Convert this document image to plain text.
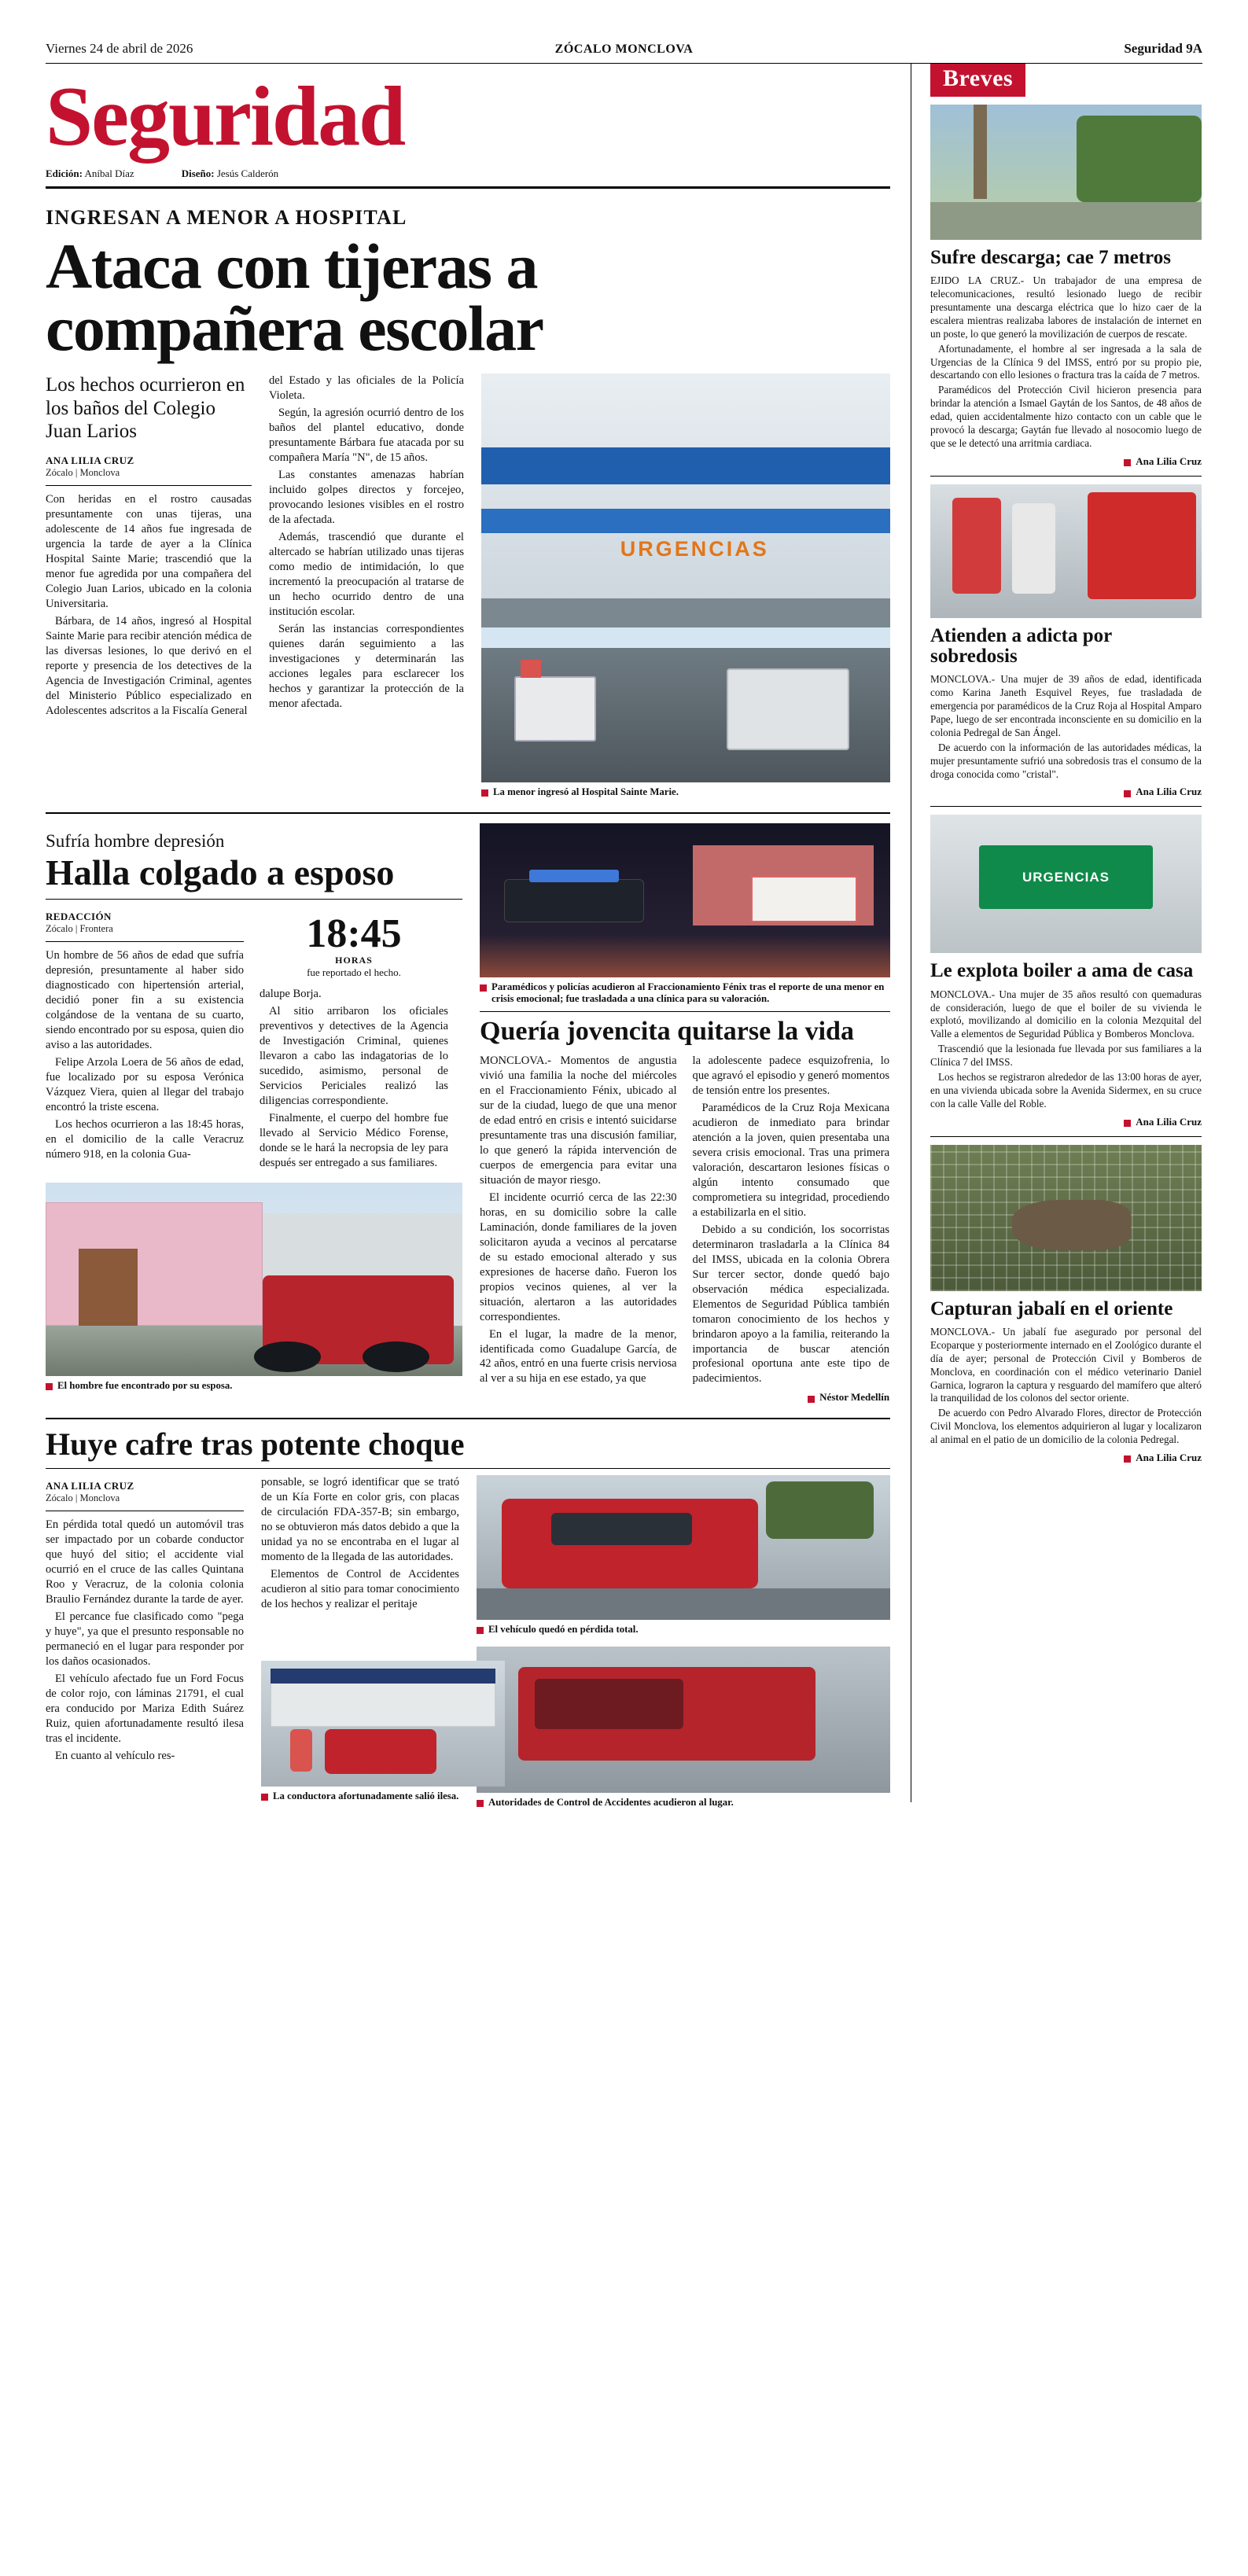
Viernes 24 de abril de 2026	ZÓCALO MONCLOVA	Seguridad 9A
Seguridad
Edición: Aníbal Díaz	Diseño: Jesús Calderón
INGRESAN A MENOR A HOSPITAL
Ataca con tijeras a
compañera escolar
Los hechos ocurrieron en los baños del Colegio Juan Larios
ANA LILIA CRUZ
Zócalo | Monclova

Con heridas en el rostro causadas presuntamente con unas tijeras, una adolescente de 14 años fue ingresada de urgencia la tarde de ayer a la Clínica Hospital Sainte Marie; trascendió que la menor fue agredida por una compañera del Colegio Juan Larios, ubicado en la colonia Universitaria.

Bárbara, de 14 años, ingresó al Hospital Sainte Marie para recibir atención médica de las diversas lesiones, lo que derivó en el reporte y presencia de los detectives de la Agencia de Investigación Criminal, agentes del Ministerio Público especializado en Adolescentes adscritos a la Fiscalía General

del Estado y las oficiales de la Policía Violeta.

Según, la agresión ocurrió dentro de los baños del plantel educativo, donde presuntamente Bárbara fue atacada por su compañera María "N", de 15 años.

Las constantes amenazas habrían incluido golpes directos y forcejeo, provocando lesiones visibles en el rostro de la afectada.

Además, trascendió que durante el altercado se habrían utilizado unas tijeras como medio de intimidación, lo que incrementó la preocupación al tratarse de un hecho ocurrido dentro de una institución escolar.

Serán las instancias correspondientes quienes darán seguimiento a las investigaciones y determinarán las acciones legales para esclarecer los hechos y garantizar la protección de la menor afectada.

URGENCIAS
La menor ingresó al Hospital Sainte Marie.
Sufría hombre depresión
Halla colgado a esposo
REDACCIÓN
Zócalo | Frontera

Un hombre de 56 años de edad que sufría depresión, presuntamente al haber sido diagnosticado con hipertensión arterial, decidió poner fin a su existencia colgándose de la ventana de su cuarto, siendo encontrado por su esposa, quien dio aviso a las autoridades.

Felipe Arzola Loera de 56 años de edad, fue localizado por su esposa Verónica Vázquez Viera, quien al llegar del trabajo encontró la triste escena.

Los hechos ocurrieron a las 18:45 horas, en el domicilio de la calle Veracruz número 918, en la colonia Gua-

18:45
HORAS
fue reportado el hecho.

dalupe Borja.

Al sitio arribaron los oficiales preventivos y detectives de la Agencia de Investigación Criminal, quienes llevaron a cabo las indagatorias de lo sucedido, asimismo, personal de Servicios Periciales realizó las diligencias correspondiente.

Finalmente, el cuerpo del hombre fue llevado al Servicio Médico Forense, donde se le hará la necropsia de ley para después ser entregado a sus familiares.

El hombre fue encontrado por su esposa.
Paramédicos y policías acudieron al Fraccionamiento Fénix tras el reporte de una menor en crisis emocional; fue trasladada a una clínica para su valoración.
Quería jovencita quitarse la vida

MONCLOVA.- Momentos de angustia vivió una familia la noche del miércoles en el Fraccionamiento Fénix, ubicado al sur de la ciudad, luego de que una menor de edad entró en crisis e intentó suicidarse presuntamente tras una discusión familiar, lo que generó la rápida intervención de cuerpos de emergencia para evitar una situación de mayor riesgo.

El incidente ocurrió cerca de las 22:30 horas, en su domicilio sobre la calle Laminación, donde familiares de la joven solicitaron ayuda a vecinos al percatarse de su estado emocional alterado y sus expresiones de hacerse daño. Fueron los propios vecinos quienes, al ver la situación, alertaron a las autoridades correspondientes.

En el lugar, la madre de la menor, identificada como Guadalupe García, de 42 años, entró en una fuerte crisis nerviosa al ver a su hija en ese estado, ya que

la adolescente padece esquizofrenia, lo que agravó el episodio y generó momentos de tensión entre los presentes.

Paramédicos de la Cruz Roja Mexicana acudieron de inmediato para brindar atención a la joven, quien presentaba una severa crisis emocional. Tras una primera valoración, descartaron lesiones físicas o algún intento consumado que comprometiera su integridad, procediendo a estabilizarla en el sitio.

Debido a su condición, los socorristas determinaron trasladarla a la Clínica 84 del IMSS, ubicada en la colonia Obrera Sur tercer sector, donde quedó bajo observación médica especializada. Elementos de Seguridad Pública también tomaron conocimiento de los hechos y brindaron apoyo a la familia, reiterando la importancia de buscar atención profesional oportuna ante este tipo de padecimientos.

Néstor Medellín
Huye cafre tras potente choque
ANA LILIA CRUZ
Zócalo | Monclova

En pérdida total quedó un automóvil tras ser impactado por un cobarde conductor que huyó del sitio; el accidente vial ocurrió en el cruce de las calles Quintana Roo y Veracruz, de la colonia colonia Braulio Fernández durante la tarde de ayer.

El percance fue clasificado como "pega y huye", ya que el presunto responsable no permaneció en el lugar para responder por los daños ocasionados.

El vehículo afectado fue un Ford Focus de color rojo, con láminas 21791, el cual era conducido por Mariza Edith Suárez Ruiz, quien afortunadamente resultó ilesa tras el incidente.

En cuanto al vehículo res-

ponsable, se logró identificar que se trató de un Kía Forte en color gris, con placas de circulación FDA-357-B; sin embargo, no se obtuvieron más datos debido a que la unidad ya no se encontraba en el lugar al momento de la llegada de las autoridades.

Elementos de Control de Accidentes acudieron al sitio para tomar conocimiento de los hechos y realizar el peritaje

El vehículo quedó en pérdida total.
Autoridades de Control de Accidentes acudieron al lugar.
La conductora afortunadamente salió ilesa.
Breves
Sufre descarga; cae 7 metros

EJIDO LA CRUZ.- Un trabajador de una empresa de telecomunicaciones, resultó lesionado luego de recibir presuntamente una descarga eléctrica que lo hizo caer de la escalera mientras realizaba labores de instalación de internet en un poste, lo que generó la movilización de cuerpos de rescate.

Afortunadamente, el hombre al ser ingresada a la sala de Urgencias de la Clínica 9 del IMSS, entró por su propio pie, descartando con ello lesiones o fractura tras la caída de 7 metros.

Paramédicos del Protección Civil hicieron presencia para brindar la atención a Ismael Gaytán de los Santos, de 48 años de edad, quien accidentalmente hizo contacto con un cable que le provocó la descarga; Gaytán fue llevado al nosocomio luego de que se le detectó una arritmia cardiaca.

Ana Lilia Cruz
Atienden a adicta por sobredosis

MONCLOVA.- Una mujer de 39 años de edad, identificada como Karina Janeth Esquivel Reyes, fue trasladada de emergencia por paramédicos de la Cruz Roja al Hospital Amparo Pape, luego de ser encontrada inconsciente en su domicilio en la colonia Pedregal de San Ángel.

De acuerdo con la información de las autoridades médicas, la mujer presuntamente sufrió una sobredosis tras el consumo de la droga conocida como "cristal".

Ana Lilia Cruz
URGENCIAS
Le explota boiler a ama de casa

MONCLOVA.- Una mujer de 35 años resultó con quemaduras de consideración, luego de que el boiler de su vivienda le explotó, movilizando al domicilio en la colonia Mezquital del Valle a elementos de Seguridad Pública y Bomberos Monclova.

Trascendió que la lesionada fue llevada por sus familiares a la Clínica 7 del IMSS.

Los hechos se registraron alrededor de las 13:00 horas de ayer, en una vivienda ubicada sobre la Avenida Sidermex, en su cruce con la calle Valle del Roble.

Ana Lilia Cruz
Capturan jabalí en el oriente

MONCLOVA.- Un jabalí fue asegurado por personal del Ecoparque y posteriormente internado en el Zoológico durante el día de ayer; personal de Protección Civil y Bomberos de Monclova, en coordinación con el médico veterinario Daniel Garnica, lograron la captura y resguardo del mamífero que alteró la tranquilidad de los colonos del sector oriente.

De acuerdo con Pedro Alvarado Flores, director de Protección Civil Monclova, los elementos adquirieron al lugar y localizaron al animal en el patio de un domicilio de la colonia Pedregal.

Ana Lilia Cruz
